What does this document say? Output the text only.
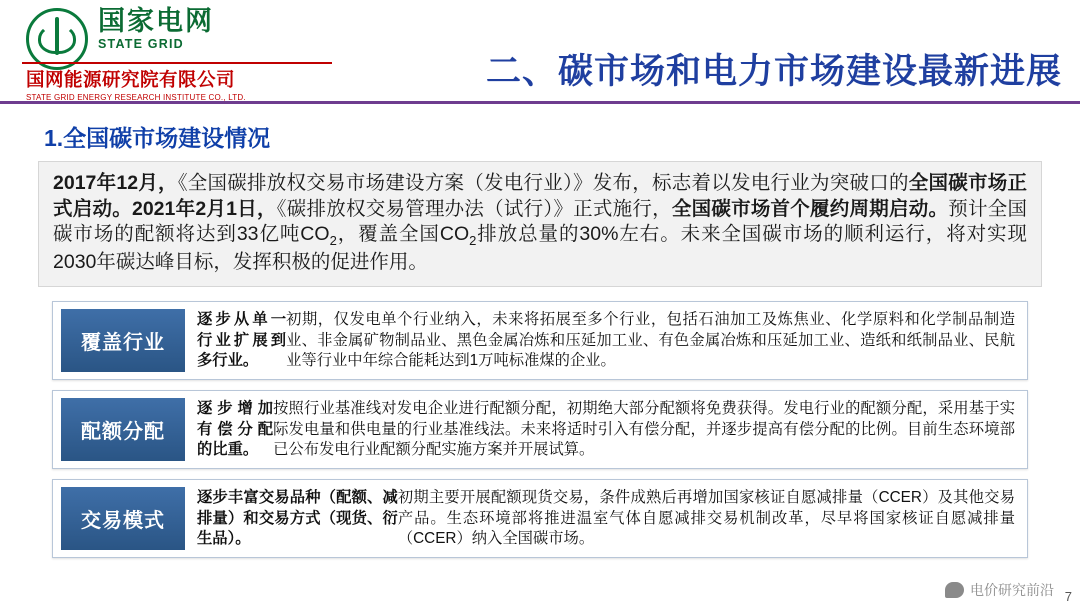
国家电网
STATE GRID
国网能源研究院有限公司
STATE GRID ENERGY RESEARCH INSTITUTE CO., LTD.
二、碳市场和电力市场建设最新进展
1.全国碳市场建设情况

2017年12月，《全国碳排放权交易市场建设方案（发电行业）》发布，标志着以发电行业为突破口的全国碳市场正式启动。2021年2月1日，《碳排放权交易管理办法（试行）》正式施行，全国碳市场首个履约周期启动。预计全国碳市场的配额将达到33亿吨$CO_2$，覆盖全国$CO_2$排放总量的30%左右。未来全国碳市场的顺利运行，将对实现2030年碳达峰目标，发挥积极的促进作用。

覆盖行业
逐步从单一行业扩展到多行业。
初期，仅发电单个行业纳入，未来将拓展至多个行业，包括石油加工及炼焦业、化学原料和化学制品制造业、非金属矿物制品业、黑色金属冶炼和压延加工业、有色金属冶炼和压延加工业、造纸和纸制品业、民航业等行业中年综合能耗达到1万吨标准煤的企业。
配额分配
逐步增加有偿分配的比重。
按照行业基准线对发电企业进行配额分配，初期绝大部分配额将免费获得。发电行业的配额分配，采用基于实际发电量和供电量的行业基准线法。未来将适时引入有偿分配，并逐步提高有偿分配的比例。目前生态环境部已公布发电行业配额分配实施方案并开展试算。
交易模式
逐步丰富交易品种（配额、减排量）和交易方式（现货、衍生品）。
初期主要开展配额现货交易，条件成熟后再增加国家核证自愿减排量（CCER）及其他交易产品。生态环境部将推进温室气体自愿减排交易机制改革，尽早将国家核证自愿减排量（CCER）纳入全国碳市场。
电价研究前沿 7
